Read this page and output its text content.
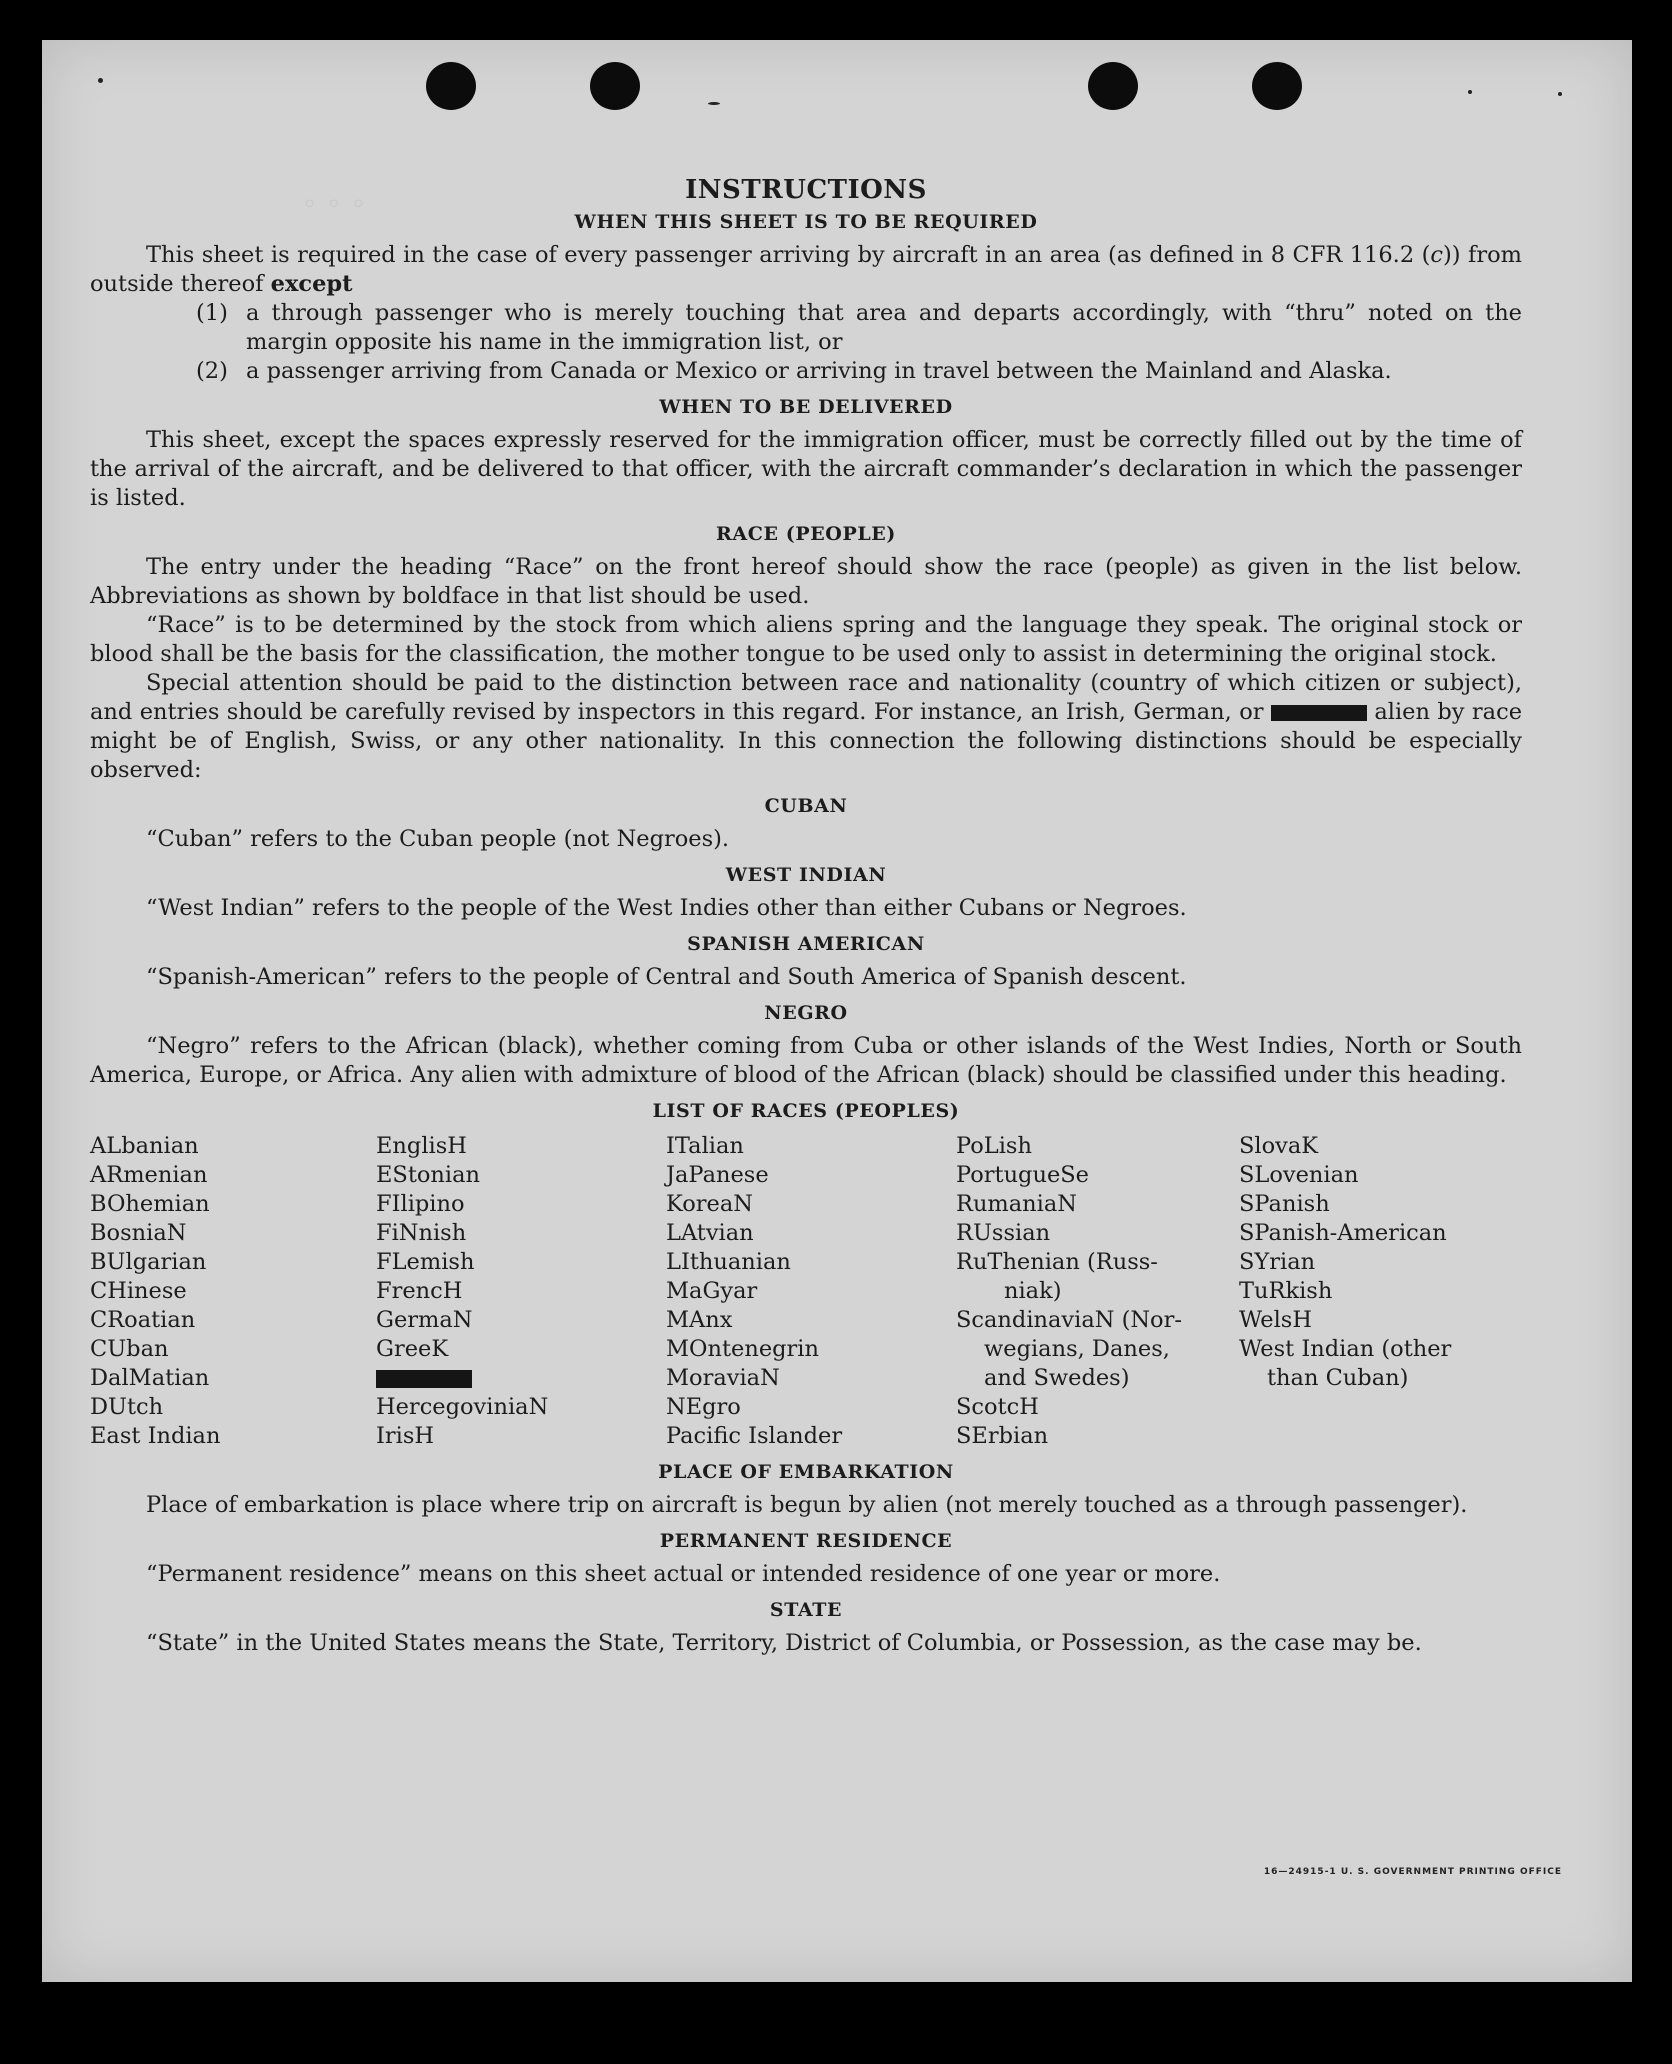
◦ ◦ ◦	INSTRUCTIONS
WHEN THIS SHEET IS TO BE REQUIRED

This sheet is required in the case of every passenger arriving by aircraft in an area (as defined in 8 CFR 116.2 (c)) from outside thereof except

(1) a through passenger who is merely touching that area and departs accordingly, with “thru” noted on the margin opposite his name in the immigration list, or
(2) a passenger arriving from Canada or Mexico or arriving in travel between the Mainland and Alaska.
WHEN TO BE DELIVERED

This sheet, except the spaces expressly reserved for the immigration officer, must be correctly filled out by the time of the arrival of the aircraft, and be delivered to that officer, with the aircraft commander’s declaration in which the passenger is listed.

RACE (PEOPLE)

The entry under the heading “Race” on the front hereof should show the race (people) as given in the list below. Abbreviations as shown by boldface in that list should be used.

“Race” is to be determined by the stock from which aliens spring and the language they speak. The original stock or blood shall be the basis for the classification, the mother tongue to be used only to assist in determining the original stock.

Special attention should be paid to the distinction between race and nationality (country of which citizen or subject), and entries should be carefully revised by inspectors in this regard. For instance, an Irish, German, or	alien by race might be of English, Swiss, or any other nationality. In this connection the following distinctions should be especially observed:

CUBAN

“Cuban” refers to the Cuban people (not Negroes).

WEST INDIAN

“West Indian” refers to the people of the West Indies other than either Cubans or Negroes.

SPANISH AMERICAN

“Spanish-American” refers to the people of Central and South America of Spanish descent.

NEGRO

“Negro” refers to the African (black), whether coming from Cuba or other islands of the West Indies, North or South America, Europe, or Africa. Any alien with admixture of blood of the African (black) should be classified under this heading.

LIST OF RACES (PEOPLES)
ALbanian
ARmenian
BOhemian
BosniaN
BUlgarian
CHinese
CRoatian
CUban
DalMatian
DUtch
East Indian
EnglisH
EStonian
FIlipino
FiNnish
FLemish
FrencH
GermaN
GreeK
HercegoviniaN
IrisH
ITalian
JaPanese
KoreaN
LAtvian
LIthuanian
MaGyar
MAnx
MOntenegrin
MoraviaN
NEgro
Pacific Islander
PoLish
PortugueSe
RumaniaN
RUssian
RuThenian (Russ-
niak)
ScandinaviaN (Nor-
wegians, Danes,
and Swedes)
ScotcH
SErbian
SlovaK
SLovenian
SPanish
SPanish-American
SYrian
TuRkish
WelsH
West Indian (other
than Cuban)
PLACE OF EMBARKATION

Place of embarkation is place where trip on aircraft is begun by alien (not merely touched as a through passenger).

PERMANENT RESIDENCE

“Permanent residence” means on this sheet actual or intended residence of one year or more.

STATE

“State” in the United States means the State, Territory, District of Columbia, or Possession, as the case may be.

16—24915-1 U. S. GOVERNMENT PRINTING OFFICE
